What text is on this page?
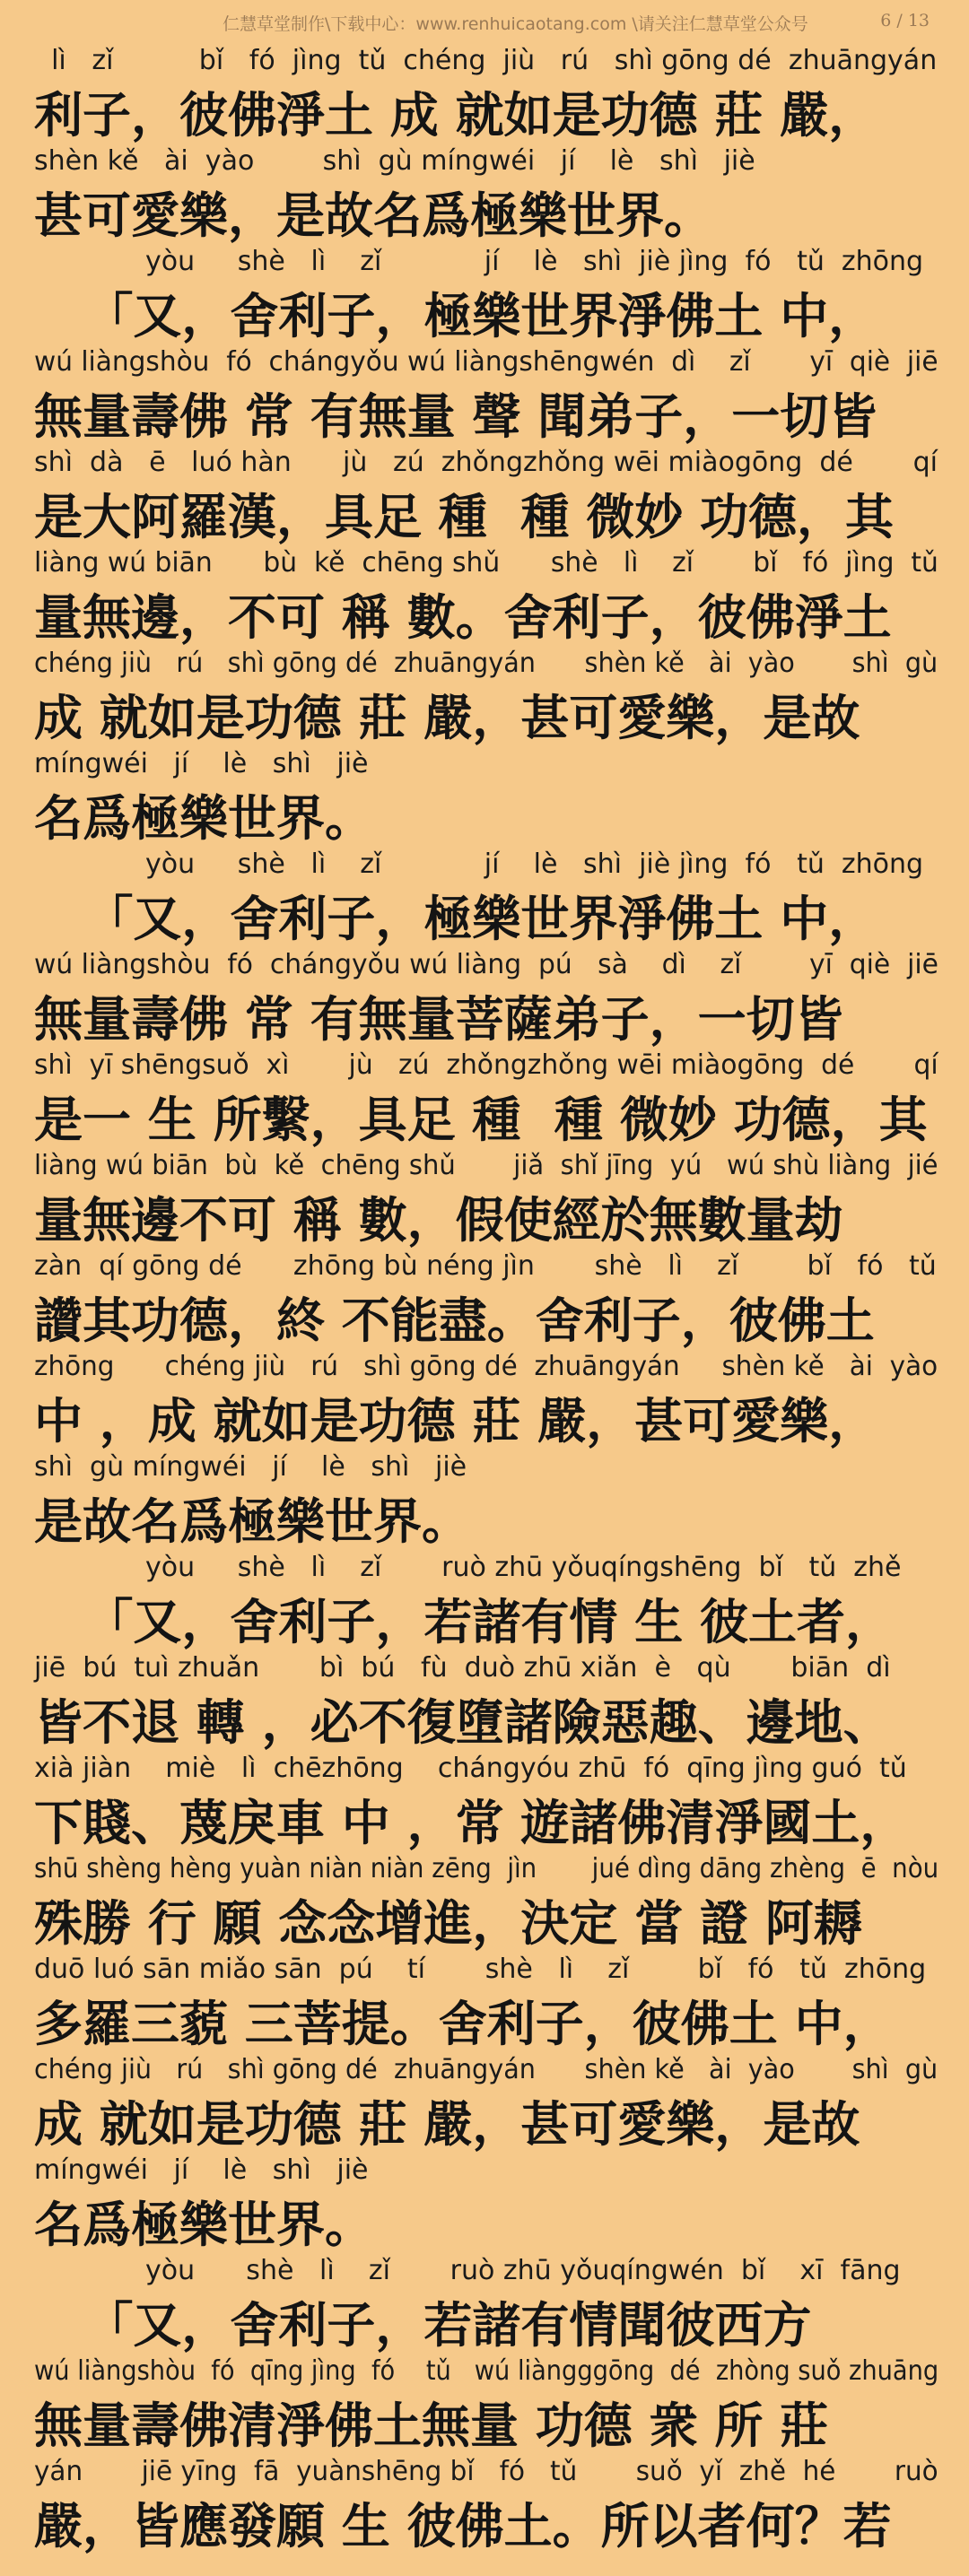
仁慧草堂制作\下载中心：www.renhuicaotang.com \请关注仁慧草堂公众号	6 / 13
lì   zǐ          bǐ   fó  jìng  tǔ  chéng  jiù   rú   shì gōng dé  zhuāngyán
利子，彼佛淨土 成 就如是功德 莊 嚴，
shèn kě   ài  yào        shì  gù míngwéi   jí    lè   shì   jiè
甚可愛樂，是故名爲極樂世界。
yòu     shè   lì    zǐ            jí    lè   shì  jiè jìng  fó   tǔ  zhōng
「又，舍利子，極樂世界淨佛土 中，
wú liàngshòu  fó  chángyǒu wú liàngshēngwén  dì    zǐ       yī  qiè  jiē
無量壽佛 常 有無量 聲 聞弟子，一切皆
shì  dà   ē   luó hàn      jù   zú  zhǒngzhǒng wēi miàogōng  dé       qí
是大阿羅漢，具足 種  種 微妙 功德，其
liàng wú biān      bù  kě  chēng shǔ      shè   lì    zǐ       bǐ   fó  jìng  tǔ
量無邊，不可 稱 數。舍利子，彼佛淨土
chéng jiù   rú   shì gōng dé  zhuāngyán      shèn kě   ài  yào       shì  gù
成 就如是功德 莊 嚴，甚可愛樂，是故
míngwéi   jí    lè   shì   jiè
名爲極樂世界。
yòu     shè   lì    zǐ            jí    lè   shì  jiè jìng  fó   tǔ  zhōng
「又，舍利子，極樂世界淨佛土 中，
wú liàngshòu  fó  chángyǒu wú liàng  pú   sà    dì    zǐ        yī  qiè  jiē
無量壽佛 常 有無量菩薩弟子，一切皆
shì  yī shēngsuǒ  xì       jù   zú  zhǒngzhǒng wēi miàogōng  dé       qí
是一 生 所繫，具足 種  種 微妙 功德，其
liàng wú biān  bù  kě  chēng shǔ       jiǎ  shǐ jīng  yú   wú shù liàng  jié
量無邊不可 稱 數，假使經於無數量劫
zàn  qí gōng dé      zhōng bù néng jìn       shè   lì    zǐ        bǐ   fó   tǔ
讚其功德，終 不能盡。舍利子，彼佛土
zhōng      chéng jiù   rú   shì gōng dé  zhuāngyán     shèn kě   ài  yào
中 ，成 就如是功德 莊 嚴，甚可愛樂，
shì  gù míngwéi   jí    lè   shì   jiè
是故名爲極樂世界。
yòu     shè   lì    zǐ       ruò zhū yǒuqíngshēng  bǐ   tǔ  zhě
「又，舍利子，若諸有情 生 彼土者，
jiē  bú  tuì zhuǎn       bì  bú   fù  duò zhū xiǎn  è   qù       biān  dì
皆不退 轉 ，必不復墮諸險惡趣、邊地、
xià jiàn    miè   lì  chēzhōng    chángyóu zhū  fó  qīng jìng guó  tǔ
下賤、蔑戾車 中 ，常 遊諸佛清淨國土，
shū shèng hèng yuàn niàn niàn zēng  jìn       jué dìng dāng zhèng  ē  nòu
殊勝 行 願 念念增進，決定 當 證 阿耨
duō luó sān miǎo sān  pú    tí       shè   lì    zǐ        bǐ   fó   tǔ  zhōng
多羅三藐 三菩提。舍利子，彼佛土 中，
chéng jiù   rú   shì gōng dé  zhuāngyán      shèn kě   ài  yào       shì  gù
成 就如是功德 莊 嚴，甚可愛樂，是故
míngwéi   jí    lè   shì   jiè
名爲極樂世界。
yòu      shè   lì    zǐ       ruò zhū yǒuqíngwén  bǐ    xī  fāng
「又，舍利子，若諸有情聞彼西方
wú liàngshòu  fó  qīng jìng  fó    tǔ   wú liàngggōng  dé  zhòng suǒ zhuāng
無量壽佛清淨佛土無量 功德 衆 所 莊
yán       jiē yīng  fā  yuànshēng bǐ   fó   tǔ       suǒ  yǐ  zhě  hé       ruò
嚴，皆應發願 生 彼佛土。所以者何？若
